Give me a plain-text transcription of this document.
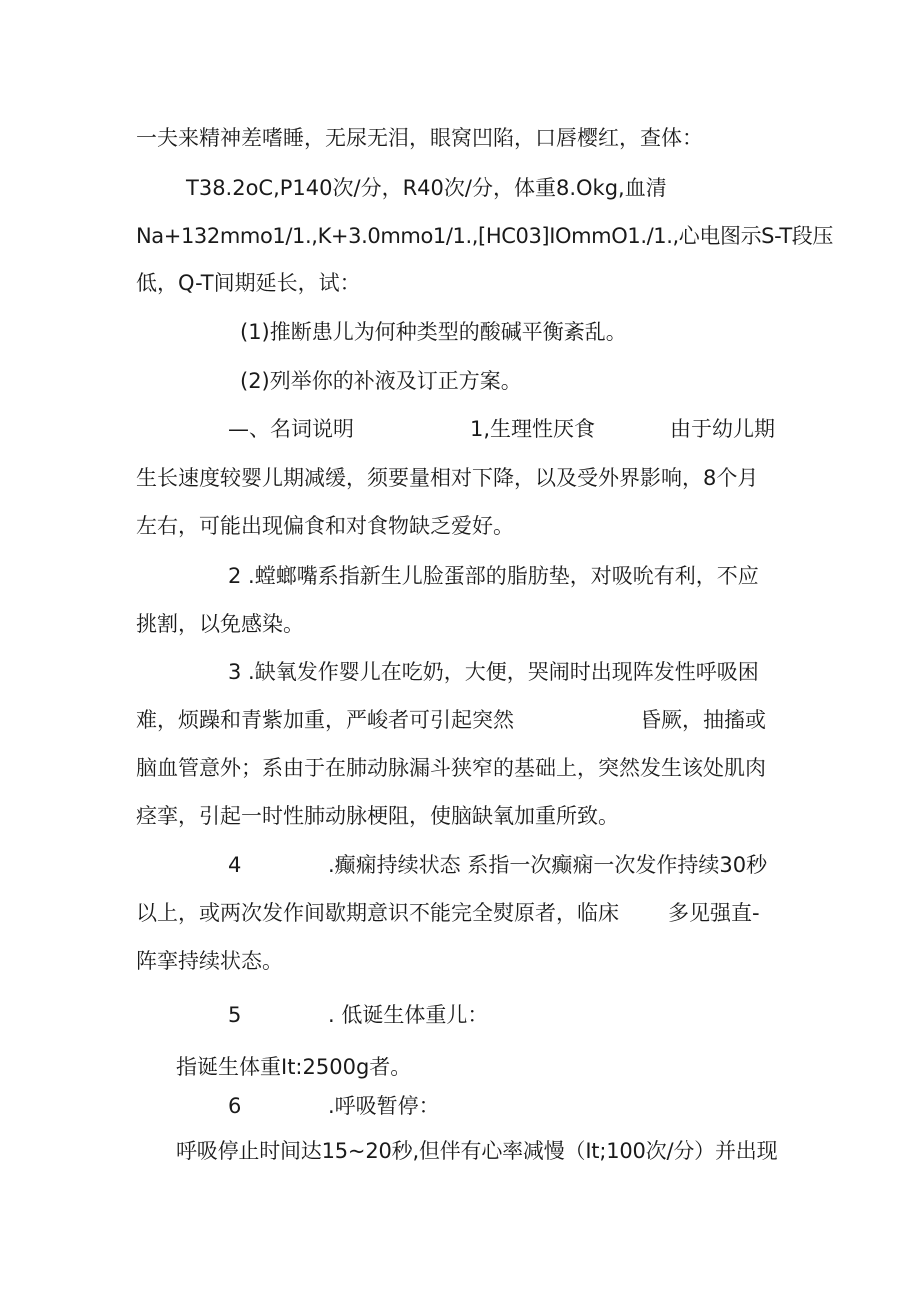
一夫来精神差嗜睡，无尿无泪，眼窝凹陷，口唇樱红，查体：

T38.2oC,P140次/分，R40次/分，体重8.Okg,血清

Na+132mmo1/1.,K+3.0mmo1/1.,[HC03]IOmmO1./1.,心电图示S-T段压

低，Q-T间期延长，试：

(1)推断患儿为何种类型的酸碱平衡紊乱。

(2)列举你的补液及订正方案。

—、名词说明	1,生理性厌食	由于幼儿期

生长速度较婴儿期减缓，须要量相对下降，以及受外界影响，8个月

左右，可能出现偏食和对食物缺乏爱好。

2 .螳螂嘴系指新生儿脸蛋部的脂肪垫，对吸吮有利，不应

挑割，以免感染。

3 .缺氧发作婴儿在吃奶，大便，哭闹时出现阵发性呼吸困

难，烦躁和青紫加重，严峻者可引起突然	昏厥，抽搐或

脑血管意外；系由于在肺动脉漏斗狭窄的基础上，突然发生该处肌肉

痉挛，引起一时性肺动脉梗阻，使脑缺氧加重所致。

4	.癫痫持续状态 系指一次癫痫一次发作持续30秒
以上，或两次发作间歇期意识不能完全熨原者，临床 多见强直-

阵挛持续状态。

5	. 低诞生体重儿：

指诞生体重It:2500g者。

6	.呼吸暂停：

呼吸停止时间达15~20秒,但伴有心率减慢（It;100次/分）并出现
